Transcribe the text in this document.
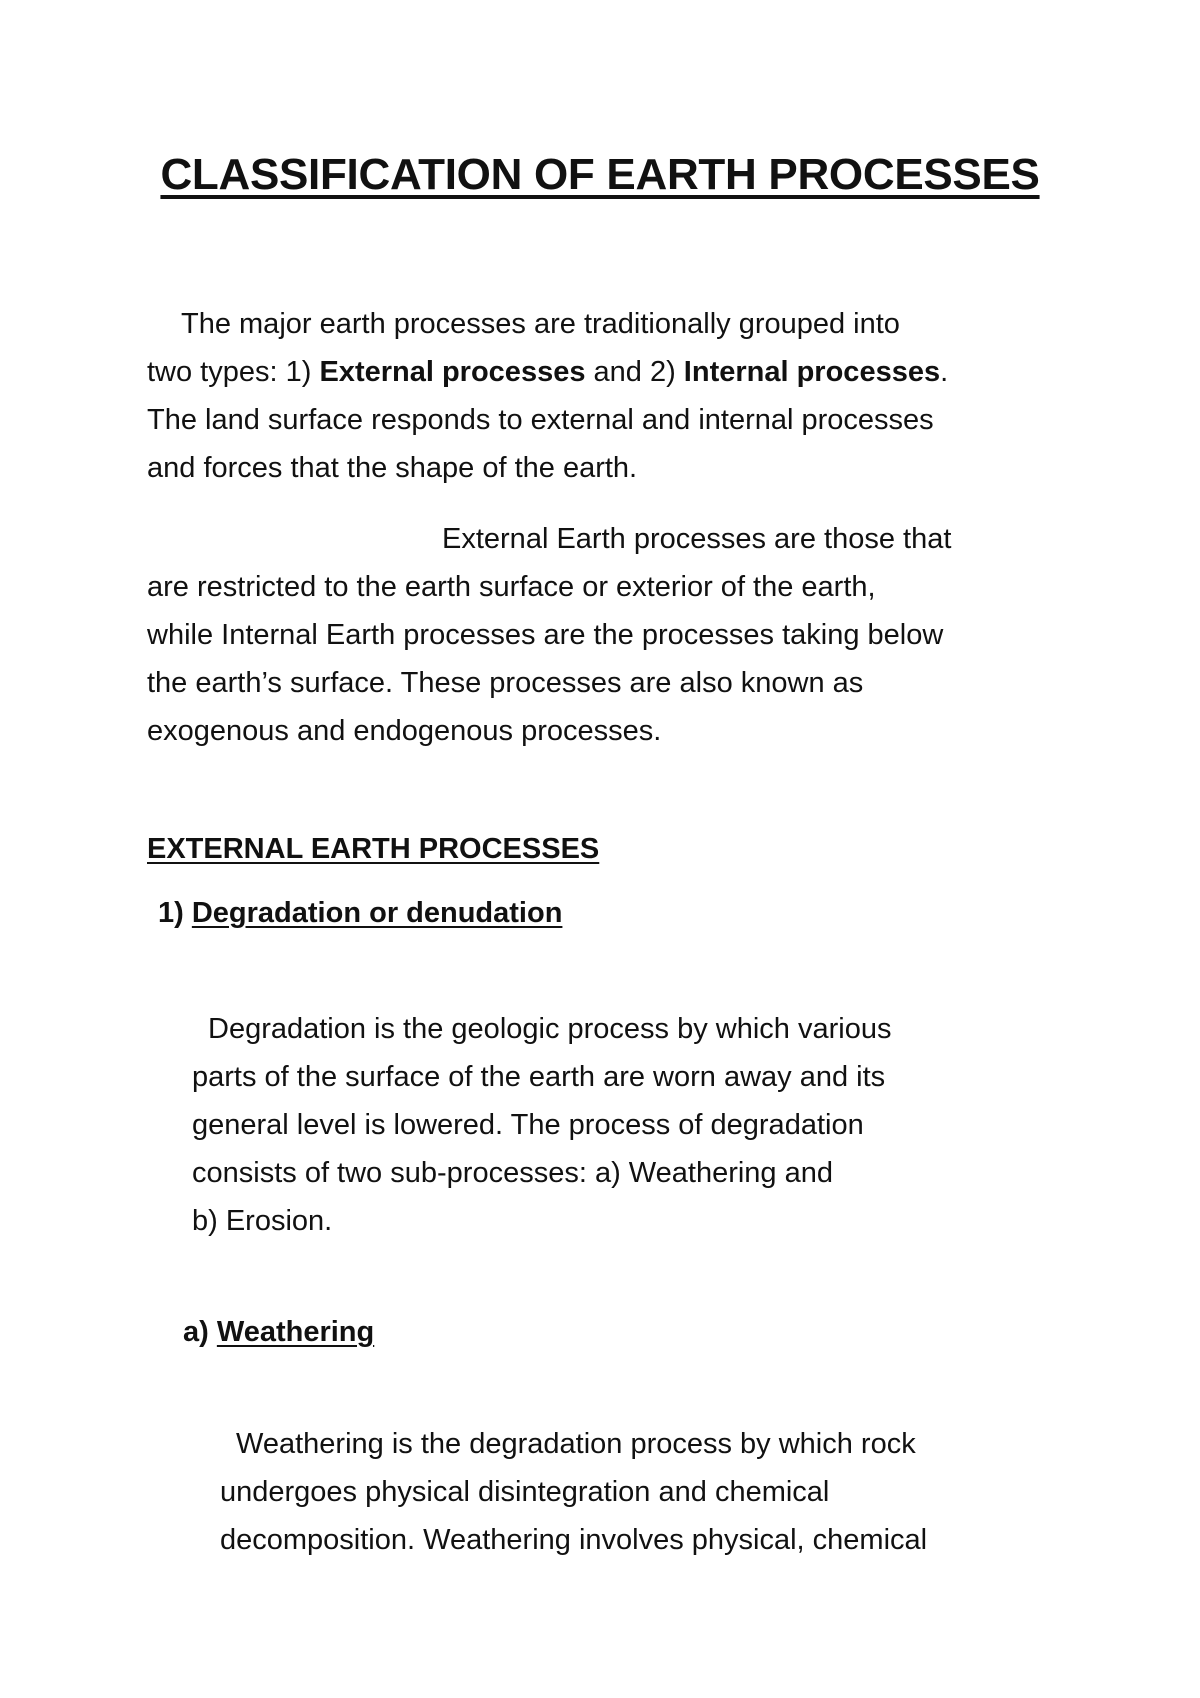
CLASSIFICATION OF EARTH PROCESSES

The major earth processes are traditionally grouped into
two types: 1) External processes and 2) Internal processes.
The land surface responds to external and internal processes
and forces that the shape of the earth.

External Earth processes are those that
are restricted to the earth surface or exterior of the earth,
while Internal Earth processes are the processes taking below
the earth’s surface. These processes are also known as
exogenous and endogenous processes.

EXTERNAL EARTH PROCESSES
1) Degradation or denudation

Degradation is the geologic process by which various
parts of the surface of the earth are worn away and its
general level is lowered. The process of degradation
consists of two sub-processes: a) Weathering and
b) Erosion.

a) Weathering

Weathering is the degradation process by which rock
undergoes physical disintegration and chemical
decomposition. Weathering involves physical, chemical
